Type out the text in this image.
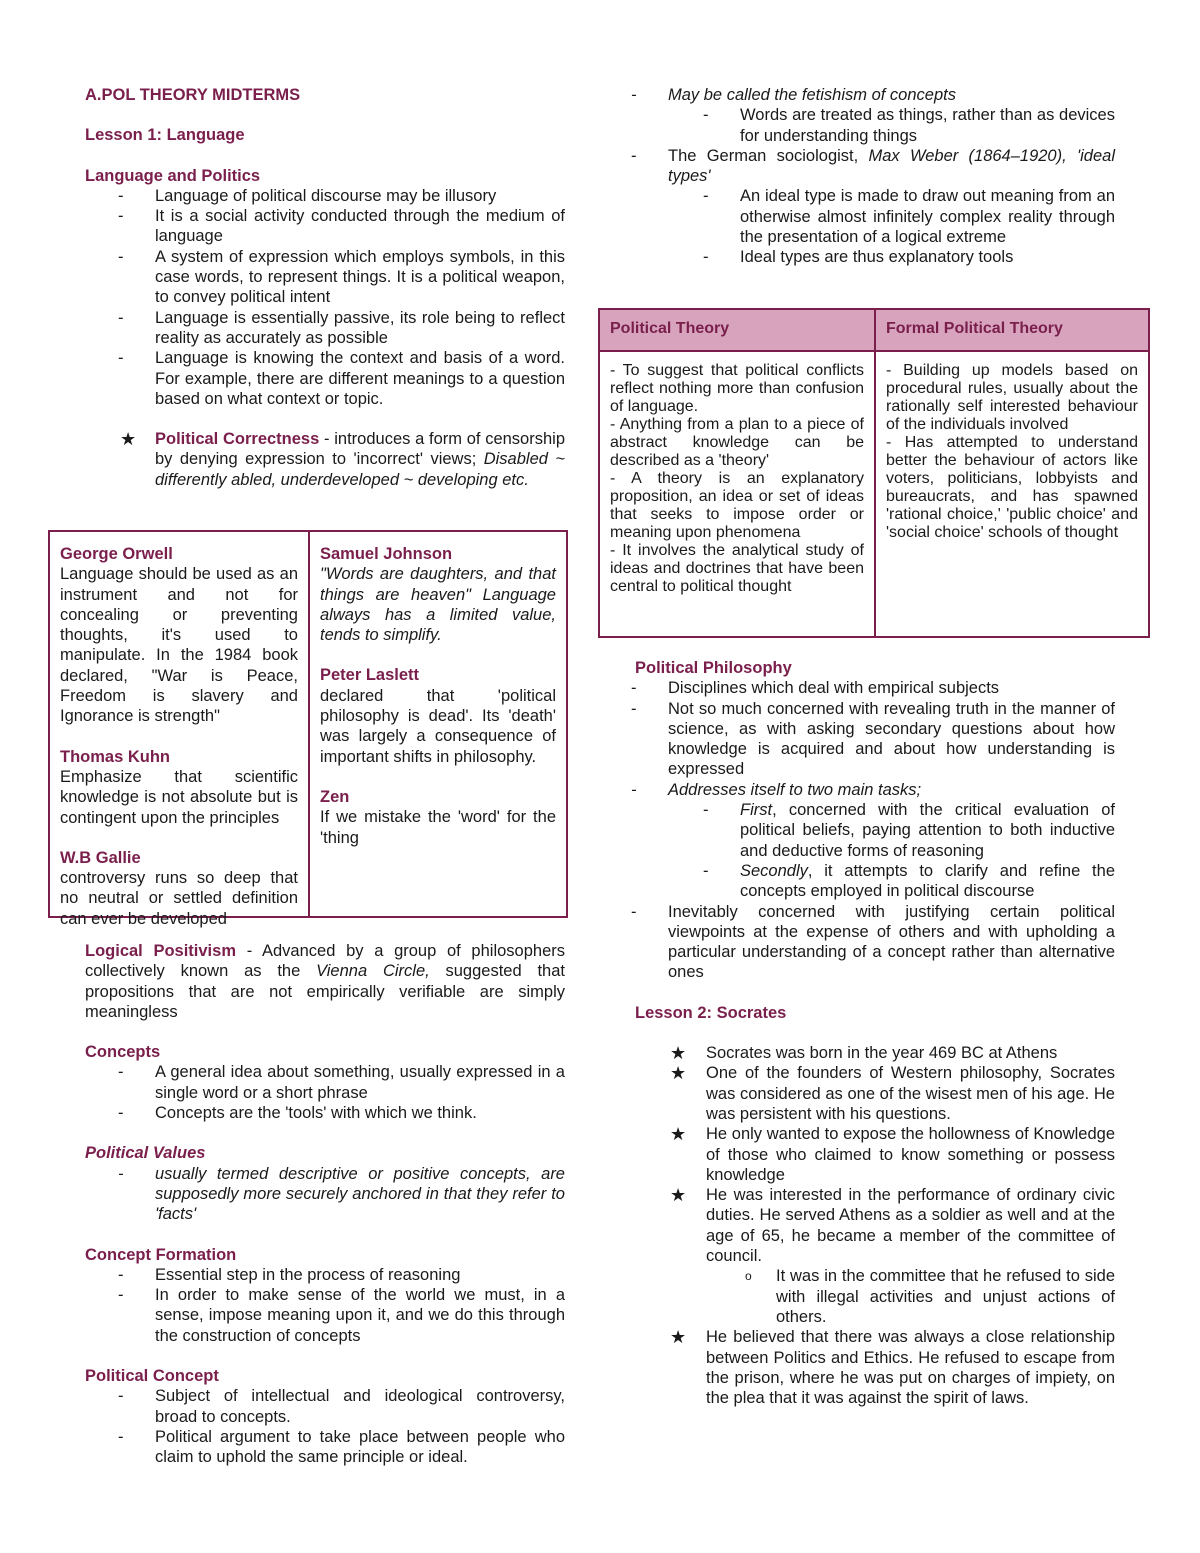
A.POL THEORY MIDTERMS
Lesson 1: Language
Language and Politics
- Language of political discourse may be illusory
- It is a social activity conducted through the medium of language
- A system of expression which employs symbols, in this case words, to represent things. It is a political weapon, to convey political intent
- Language is essentially passive, its role being to reflect reality as accurately as possible
- Language is knowing the context and basis of a word. For example, there are different meanings to a question based on what context or topic.
★ Political Correctness - introduces a form of censorship by denying expression to 'incorrect' views; Disabled ~ differently abled, underdeveloped ~ developing etc.
George Orwell
Language should be used as an instrument and not for concealing or preventing thoughts, it's used to manipulate. In the 1984 book declared, "War is Peace, Freedom is slavery and Ignorance is strength"
Thomas Kuhn
Emphasize that scientific knowledge is not absolute but is contingent upon the principles
W.B Gallie
controversy runs so deep that no neutral or settled definition can ever be developed
Samuel Johnson
"Words are daughters, and that things are heaven" Language always has a limited value, tends to simplify.
Peter Laslett
declared that 'political philosophy is dead'. Its 'death' was largely a consequence of important shifts in philosophy.
Zen
If we mistake the 'word' for the 'thing
Logical Positivism - Advanced by a group of philosophers collectively known as the Vienna Circle, suggested that propositions that are not empirically verifiable are simply meaningless
Concepts
- A general idea about something, usually expressed in a single word or a short phrase
- Concepts are the 'tools' with which we think.
Political Values
- usually termed descriptive or positive concepts, are supposedly more securely anchored in that they refer to 'facts'
Concept Formation
- Essential step in the process of reasoning
- In order to make sense of the world we must, in a sense, impose meaning upon it, and we do this through the construction of concepts
Political Concept
- Subject of intellectual and ideological controversy, broad to concepts.
- Political argument to take place between people who claim to uphold the same principle or ideal.
- May be called the fetishism of concepts
- Words are treated as things, rather than as devices for understanding things
- The German sociologist, Max Weber (1864–1920), 'ideal types'
- An ideal type is made to draw out meaning from an otherwise almost infinitely complex reality through the presentation of a logical extreme
- Ideal types are thus explanatory tools
Political Theory	Formal Political Theory
- To suggest that political conflicts reflect nothing more than confusion of language.
- Anything from a plan to a piece of abstract knowledge can be described as a 'theory'
- A theory is an explanatory proposition, an idea or set of ideas that seeks to impose order or meaning upon phenomena
- It involves the analytical study of ideas and doctrines that have been central to political thought
- Building up models based on procedural rules, usually about the rationally self interested behaviour of the individuals involved
- Has attempted to understand better the behaviour of actors like voters, politicians, lobbyists and bureaucrats, and has spawned 'rational choice,' 'public choice' and 'social choice' schools of thought
Political Philosophy
- Disciplines which deal with empirical subjects
- Not so much concerned with revealing truth in the manner of science, as with asking secondary questions about how knowledge is acquired and about how understanding is expressed
- Addresses itself to two main tasks;
- First, concerned with the critical evaluation of political beliefs, paying attention to both inductive and deductive forms of reasoning
- Secondly, it attempts to clarify and refine the concepts employed in political discourse
- Inevitably concerned with justifying certain political viewpoints at the expense of others and with upholding a particular understanding of a concept rather than alternative ones
Lesson 2: Socrates
★ Socrates was born in the year 469 BC at Athens
★ One of the founders of Western philosophy, Socrates was considered as one of the wisest men of his age. He was persistent with his questions.
★ He only wanted to expose the hollowness of Knowledge of those who claimed to know something or possess knowledge
★ He was interested in the performance of ordinary civic duties. He served Athens as a soldier as well and at the age of 65, he became a member of the committee of council.
o It was in the committee that he refused to side with illegal activities and unjust actions of others.
★ He believed that there was always a close relationship between Politics and Ethics. He refused to escape from the prison, where he was put on charges of impiety, on the plea that it was against the spirit of laws.
